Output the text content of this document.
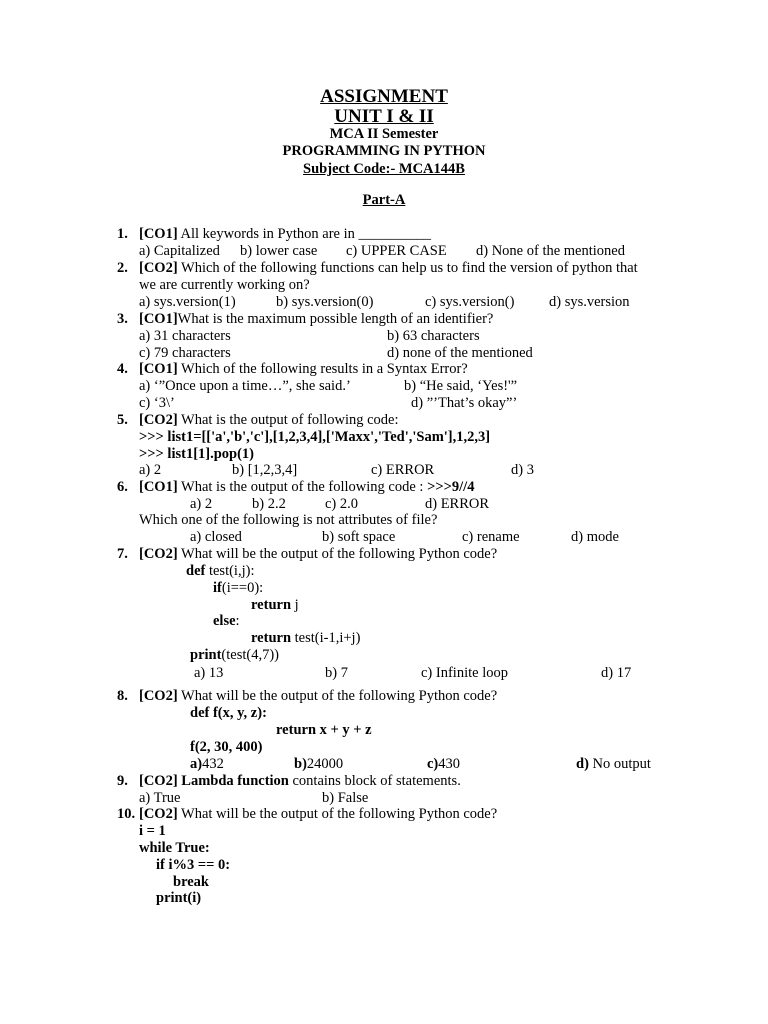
ASSIGNMENT
UNIT I & II
MCA II Semester
PROGRAMMING IN PYTHON
Subject Code:- MCA144B
Part-A
1. [CO1] All keywords in Python are in __________
a) Capitalized b) lower case c) UPPER CASE d) None of the mentioned
2. [CO2] Which of the following functions can help us to find the version of python that
we are currently working on?
a) sys.version(1)	b) sys.version(0)	c) sys.version() d) sys.version
3. [CO1]What is the maximum possible length of an identifier?
a) 31 characters	b) 63 characters
c) 79 characters	d) none of the mentioned
4. [CO1] Which of the following results in a Syntax Error?
a) ‘”Once upon a time…”, she said.’	b) “He said, ‘Yes!'”
c) ‘3\’	d) ”’That’s okay”’
5. [CO2] What is the output of following code:
>>> list1=[['a','b','c'],[1,2,3,4],['Maxx','Ted','Sam'],1,2,3]
>>> list1[1].pop(1)
a) 2	b) [1,2,3,4]	c) ERROR	d) 3
6. [CO1] What is the output of the following code : >>>9//4
a) 2	b) 2.2	c) 2.0	d) ERROR
Which one of the following is not attributes of file?
a) closed	b) soft space	c) rename	d) mode
7. [CO2] What will be the output of the following Python code?
def test(i,j):
if(i==0):
return j
else:
return test(i-1,i+j)
print(test(4,7))
a) 13	b) 7	c) Infinite loop	d) 17
8. [CO2] What will be the output of the following Python code?
def f(x, y, z):
return x + y + z
f(2, 30, 400)
a)432	b)24000	c)430	d) No output
9. [CO2] Lambda function contains block of statements.
a) True	b) False
10. [CO2] What will be the output of the following Python code?
i = 1
while True:
if i%3 == 0:
break
print(i)
